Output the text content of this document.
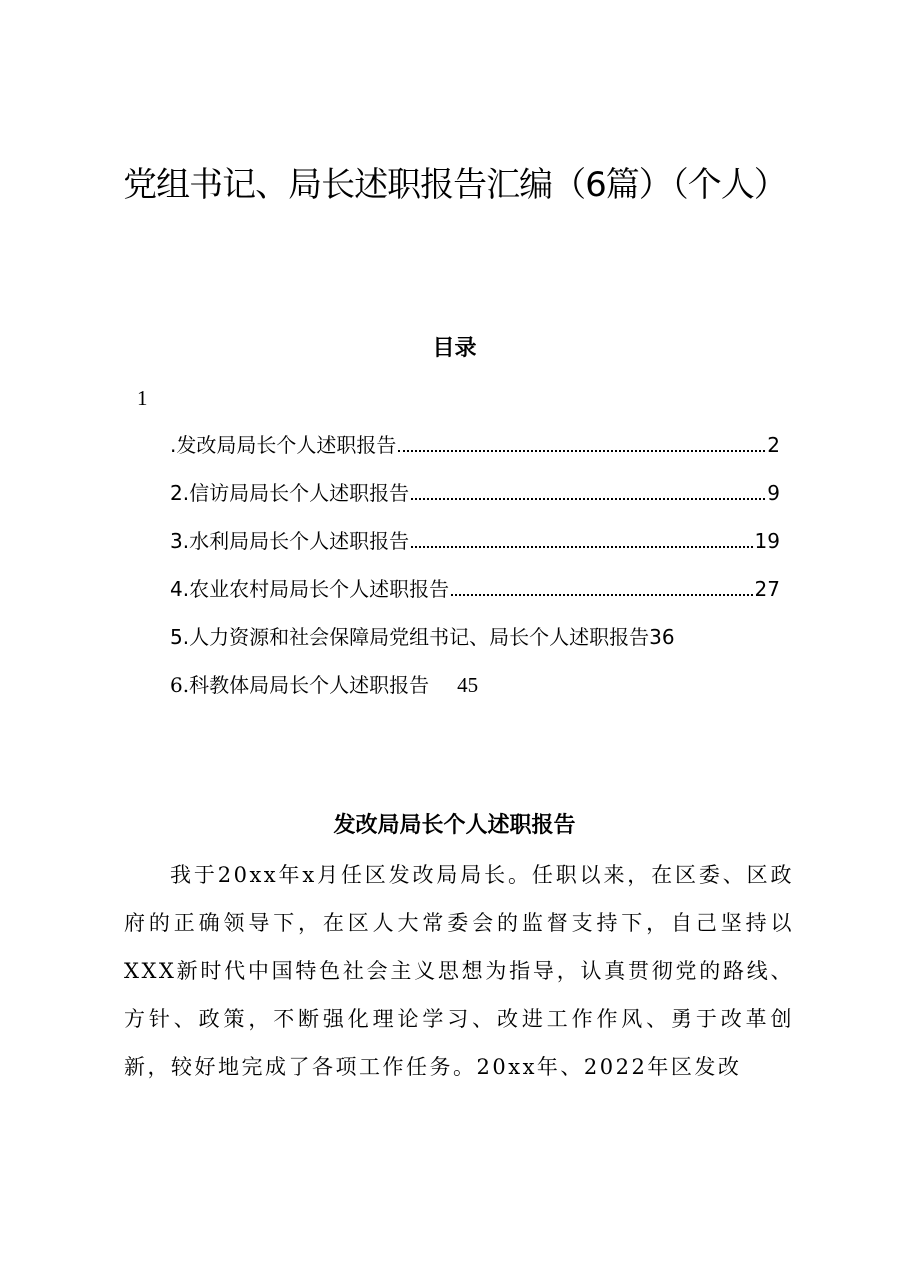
党组书记、局长述职报告汇编（6篇）（个人）
目录
1
.发改局局长个人述职报告	2
2.信访局局长个人述职报告	9
3.水利局局长个人述职报告	19
4.农业农村局局长个人述职报告	27
5.人力资源和社会保障局党组书记、局长个人述职报告 36
6.科教体局局长个人述职报告 45
发改局局长个人述职报告

我于20xx年x月任区发改局局长。任职以来，在区委、区政府的正确领导下，在区人大常委会的监督支持下，自己坚持以XXX新时代中国特色社会主义思想为指导，认真贯彻党的路线、方针、政策，不断强化理论学习、改进工作作风、勇于改革创新，较好地完成了各项工作任务。20xx年、2022年区发改
